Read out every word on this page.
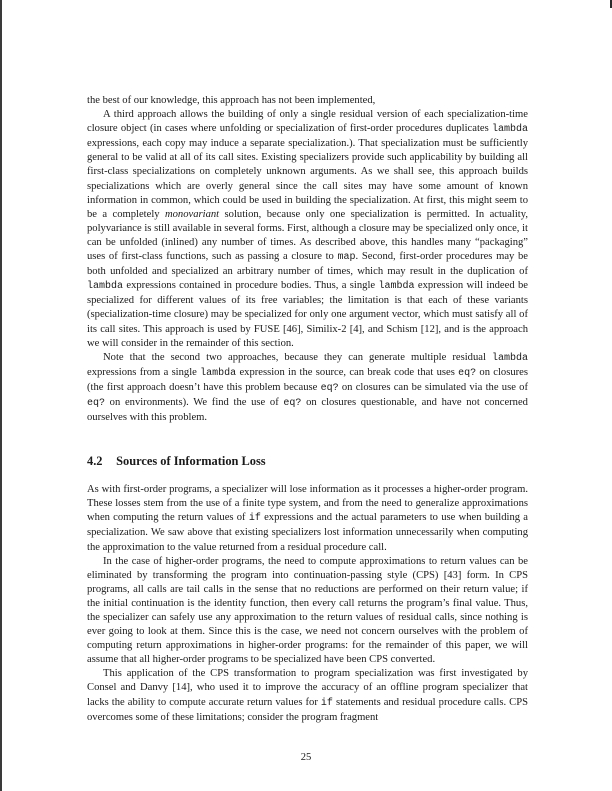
the best of our knowledge, this approach has not been implemented,

A third approach allows the building of only a single residual version of each specialization-time closure object (in cases where unfolding or specialization of first-order procedures duplicates lambda expressions, each copy may induce a separate specialization.). That specialization must be sufficiently general to be valid at all of its call sites. Existing specializers provide such applicability by building all first-class specializations on completely unknown arguments. As we shall see, this approach builds specializations which are overly general since the call sites may have some amount of known information in common, which could be used in building the specialization. At first, this might seem to be a completely monovariant solution, because only one specialization is permitted. In actuality, polyvariance is still available in several forms. First, although a closure may be specialized only once, it can be unfolded (inlined) any number of times. As described above, this handles many “packaging” uses of first-class functions, such as passing a closure to map. Second, first-order procedures may be both unfolded and specialized an arbitrary number of times, which may result in the duplication of lambda expressions contained in procedure bodies. Thus, a single lambda expression will indeed be specialized for different values of its free variables; the limitation is that each of these variants (specialization-time closure) may be specialized for only one argument vector, which must satisfy all of its call sites. This approach is used by FUSE [46], Similix-2 [4], and Schism [12], and is the approach we will consider in the remainder of this section.

Note that the second two approaches, because they can generate multiple residual lambda expressions from a single lambda expression in the source, can break code that uses eq? on closures (the first approach doesn’t have this problem because eq? on closures can be simulated via the use of eq? on environments). We find the use of eq? on closures questionable, and have not concerned ourselves with this problem.

4.2 Sources of Information Loss

As with first-order programs, a specializer will lose information as it processes a higher-order program. These losses stem from the use of a finite type system, and from the need to generalize approximations when computing the return values of if expressions and the actual parameters to use when building a specialization. We saw above that existing specializers lost information unnecessarily when computing the approximation to the value returned from a residual procedure call.

In the case of higher-order programs, the need to compute approximations to return values can be eliminated by transforming the program into continuation-passing style (CPS) [43] form. In CPS programs, all calls are tail calls in the sense that no reductions are performed on their return value; if the initial continuation is the identity function, then every call returns the program’s final value. Thus, the specializer can safely use any approximation to the return values of residual calls, since nothing is ever going to look at them. Since this is the case, we need not concern ourselves with the problem of computing return approximations in higher-order programs: for the remainder of this paper, we will assume that all higher-order programs to be specialized have been CPS converted.

This application of the CPS transformation to program specialization was first investigated by Consel and Danvy [14], who used it to improve the accuracy of an offline program specializer that lacks the ability to compute accurate return values for if statements and residual procedure calls. CPS overcomes some of these limitations; consider the program fragment

25
